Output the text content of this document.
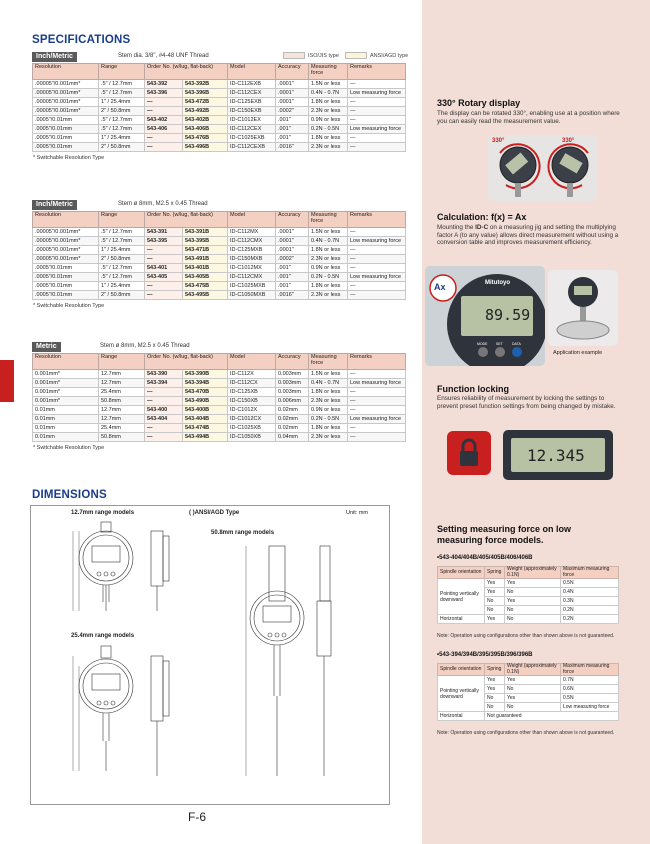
SPECIFICATIONS
ISO/JIS type	ANSI/AGD type
Inch/Metric	Stem dia. 3/8", #4-48 UNF Thread
Resolution	Range	Order No. (w/lug, flat-back)		Model	Accuracy	Measuring force	Remarks
.00005"/0.001mm*	.5" / 12.7mm	543-392	543-392B	ID-C112EXB	.0001"	1.5N or less	—
.00005"/0.001mm*	.5" / 12.7mm	543-396	543-396B	ID-C112CEX	.0001"	0.4N - 0.7N	Low measuring force
.00005"/0.001mm*	1" / 25.4mm	—	543-472B	ID-C125EXB	.0001"	1.8N or less	—
.00005"/0.001mm*	2" / 50.8mm	—	543-492B	ID-C150EXB	.0002"	2.3N or less	—
.0005"/0.01mm	.5" / 12.7mm	543-402	543-402B	ID-C1012EX	.001"	0.9N or less	—
.0005"/0.01mm	.5" / 12.7mm	543-406	543-406B	ID-C112CEX	.001"	0.2N - 0.5N	Low measuring force
.0005"/0.01mm	1" / 25.4mm	—	543-476B	ID-C1025EXB	.001"	1.8N or less	—
.0005"/0.01mm	2" / 50.8mm	—	543-496B	ID-C112CEXB	.0016"	2.3N or less	—
* Switchable Resolution Type
Inch/Metric	Stem ø 8mm, M2.5 x 0.45 Thread
Resolution	Range	Order No. (w/lug, flat-back)		Model	Accuracy	Measuring force	Remarks
.00005"/0.001mm*	.5" / 12.7mm	543-391	543-391B	ID-C112MX	.0001"	1.5N or less	—
.00005"/0.001mm*	.5" / 12.7mm	543-395	543-395B	ID-C112CMX	.0001"	0.4N - 0.7N	Low measuring force
.00005"/0.001mm*	1" / 25.4mm	—	543-471B	ID-C125MXB	.0001"	1.8N or less	—
.00005"/0.001mm*	2" / 50.8mm	—	543-491B	ID-C150MXB	.0002"	2.3N or less	—
.0005"/0.01mm	.5" / 12.7mm	543-401	543-401B	ID-C1012MX	.001"	0.9N or less	—
.0005"/0.01mm	.5" / 12.7mm	543-405	543-405B	ID-C112CMX	.001"	0.2N - 0.5N	Low measuring force
.0005"/0.01mm	1" / 25.4mm	—	543-475B	ID-C1025MXB	.001"	1.8N or less	—
.0005"/0.01mm	2" / 50.8mm	—	543-495B	ID-C1050MXB	.0016"	2.3N or less	—
* Switchable Resolution Type
Metric	Stem ø 8mm, M2.5 x 0.45 Thread
Resolution	Range	Order No. (w/lug, flat-back)		Model	Accuracy	Measuring force	Remarks
0.001mm*	12.7mm	543-390	543-390B	ID-C112X	0.003mm	1.5N or less	—
0.001mm*	12.7mm	543-394	543-394B	ID-C112CX	0.003mm	0.4N - 0.7N	Low measuring force
0.001mm*	25.4mm	—	543-470B	ID-C125XB	0.003mm	1.8N or less	—
0.001mm*	50.8mm	—	543-490B	ID-C150XB	0.006mm	2.3N or less	—
0.01mm	12.7mm	543-400	543-400B	ID-C1012X	0.02mm	0.9N or less	—
0.01mm	12.7mm	543-404	543-404B	ID-C1012CX	0.02mm	0.2N - 0.5N	Low measuring force
0.01mm	25.4mm	—	543-474B	ID-C1025XB	0.02mm	1.8N or less	—
0.01mm	50.8mm	—	543-494B	ID-C1050XB	0.04mm	2.3N or less	—
* Switchable Resolution Type
DIMENSIONS
12.7mm range models	( )ANSI/AGD Type	Unit: mm
50.8mm range models
25.4mm range models
F-6
330° Rotary display
The display can be rotated 330°, enabling use at a position where you can easily read the measurement value.
330°	330°
Calculation: f(x) = Ax
Mounting the ID-C on a measuring jig and setting the multiplying factor A (to any value) allows direct measurement without using a conversion table and improves measurement efficiency.
Ax	Mitutoyo
89.59
MODE SET	DATA
Application example
Function locking
Ensures reliability of measurement by locking the settings to prevent preset function settings from being changed by mistake.
12.345
Setting measuring force on low measuring force models.
•543-404/404B/405/405B/406/406B
Spindle orientation	Spring	Weight (approximately 0.1N)	Maximum measuring force
Pointing vertically downward	Yes	Yes	0.5N
	Yes	No	0.4N
	No	Yes	0.3N
	No	No	0.2N
Horizontal	Yes	No	0.2N
Note: Operation using configurations other than shown above is not guaranteed.
•543-394/394B/395/395B/396/396B
Spindle orientation	Spring	Weight (approximately 0.1N)	Maximum measuring force
Pointing vertically downward	Yes	Yes	0.7N
	Yes	No	0.6N
	No	Yes	0.5N
	No	No	Low measuring force
Horizontal	Not guaranteed		
Note: Operation using configurations other than shown above is not guaranteed.
